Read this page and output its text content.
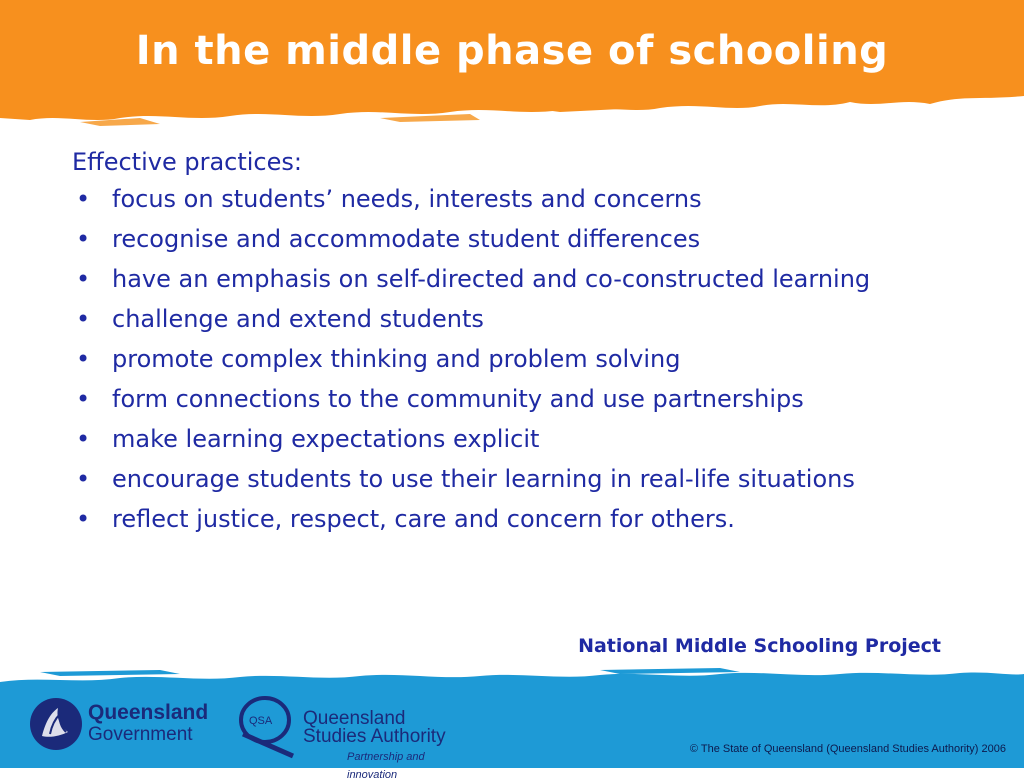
In the middle phase of schooling

Effective practices:

• focus on students’ needs, interests and concerns
• recognise and accommodate student differences
• have an emphasis on self-directed and co-constructed learning
• challenge and extend students
• promote complex thinking and problem solving
• form connections to the community and use partnerships
• make learning expectations explicit
• encourage students to use their learning in real-life situations
• reflect justice, respect, care and concern for others.
National Middle Schooling Project
Queensland
Government
QSA Queensland
Studies Authority
Partnership and innovation
© The State of Queensland (Queensland Studies Authority) 2006
